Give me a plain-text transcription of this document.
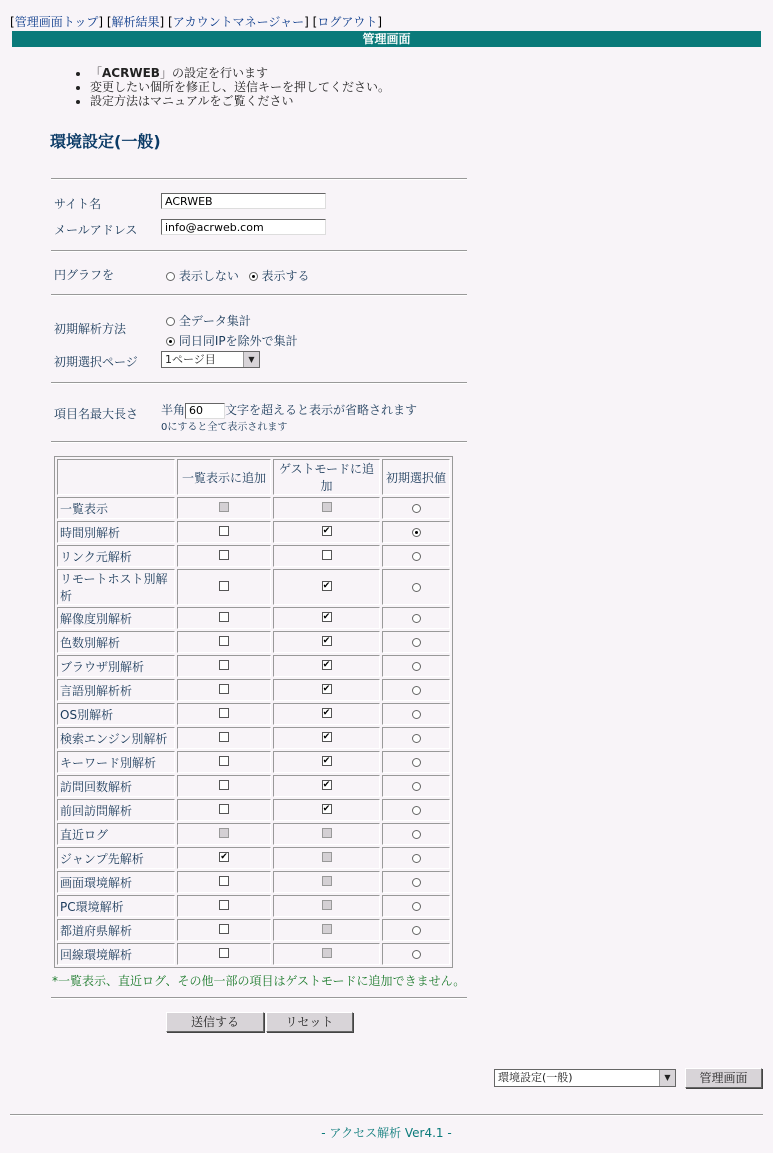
[管理画面トップ] [解析結果] [アカウントマネージャー] [ログアウト]
管理画面
• 「ACRWEB」の設定を行います
• 変更したい個所を修正し、送信キーを押してください。
• 設定方法はマニュアルをご覧ください
環境設定(一般)
サイト名
ACRWEB
メールアドレス
info@acrweb.com
円グラフを	表示しない 表示する
初期解析方法
全データ集計
同日同IPを除外で集計
初期選択ページ	1ページ目	▼
項目名最大長さ 半角60	文字を超えると表示が省略されます
0にすると全て表示されます
	一覧表示に追加	ゲストモードに追加	初期選択値
一覧表示			
時間別解析		✔	
リンク元解析			
リモートホスト別解析		✔	
解像度別解析		✔	
色数別解析		✔	
ブラウザ別解析		✔	
言語別解析析		✔	
OS別解析		✔	
検索エンジン別解析		✔	
キーワード別解析		✔	
訪問回数解析		✔	
前回訪問解析		✔	
直近ログ			
ジャンプ先解析	✔		
画面環境解析			
PC環境解析			
都道府県解析			
回線環境解析			
*一覧表示、直近ログ、その他一部の項目はゲストモードに追加できません。
送信する	リセット
環境設定(一般)	▼	管理画面
- アクセス解析 Ver4.1 -
